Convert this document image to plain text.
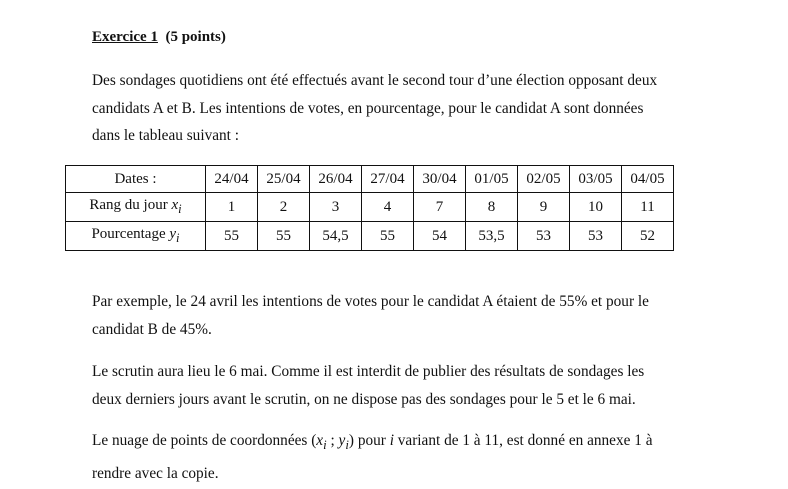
Exercice 1 (5 points)
Des sondages quotidiens ont été effectués avant le second tour d’une élection opposant deux
candidats A et B. Les intentions de votes, en pourcentage, pour le candidat A sont données
dans le tableau suivant :
Dates :	24/04	25/04	26/04	27/04	30/04	01/05	02/05	03/05	04/05
Rang du jour $x_i$	1	2	3	4	7	8	9	10	11
Pourcentage $y_i$	55	55	54,5	55	54	53,5	53	53	52
Par exemple, le 24 avril les intentions de votes pour le candidat A étaient de 55% et pour le
candidat B de 45%.
Le scrutin aura lieu le 6 mai. Comme il est interdit de publier des résultats de sondages les
deux derniers jours avant le scrutin, on ne dispose pas des sondages pour le 5 et le 6 mai.
Le nuage de points de coordonnées ($x_i$ ; $y_i$) pour i variant de 1 à 11, est donné en annexe 1 à
rendre avec la copie.
